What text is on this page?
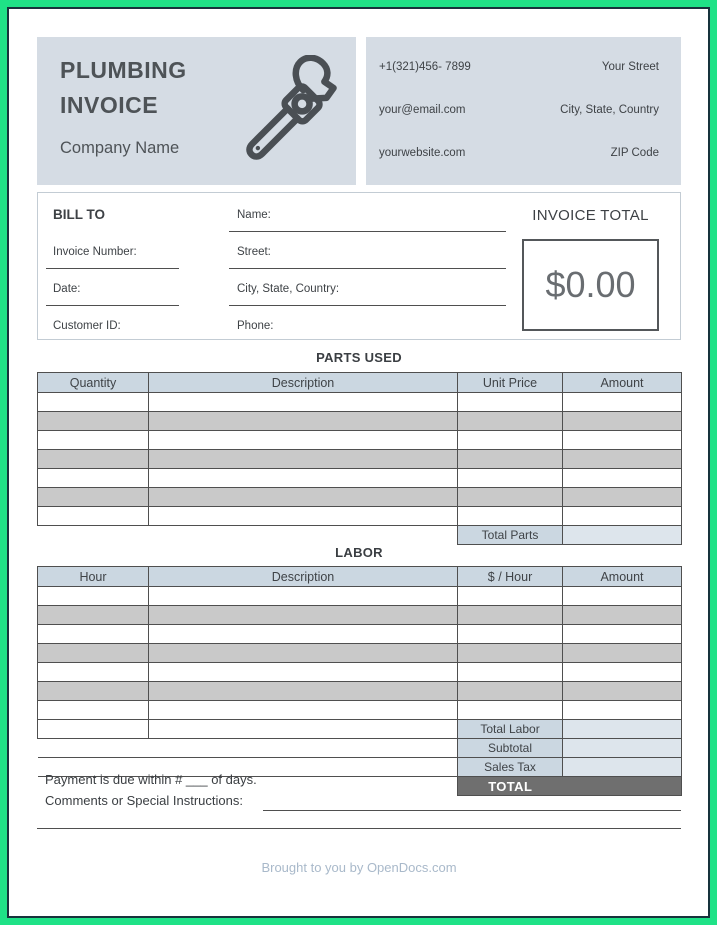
PLUMBING
INVOICE
Company Name
+1(321)456- 7899	Your Street
your@email.com	City, State, Country
yourwebsite.com	ZIP Code
BILL TO
Invoice Number:
Date:
Customer ID:
Name:
Street:
City, State, Country:
Phone:
INVOICE TOTAL
$0.00
PARTS USED
Quantity	Description	Unit Price	Amount

		Total Parts	
LABOR
Hour	Description	$ / Hour	Amount

		Total Labor	
		Subtotal	
		Sales Tax	
		TOTAL	
Payment is due within # ___ of days.
Comments or Special Instructions:
Brought to you by OpenDocs.com
